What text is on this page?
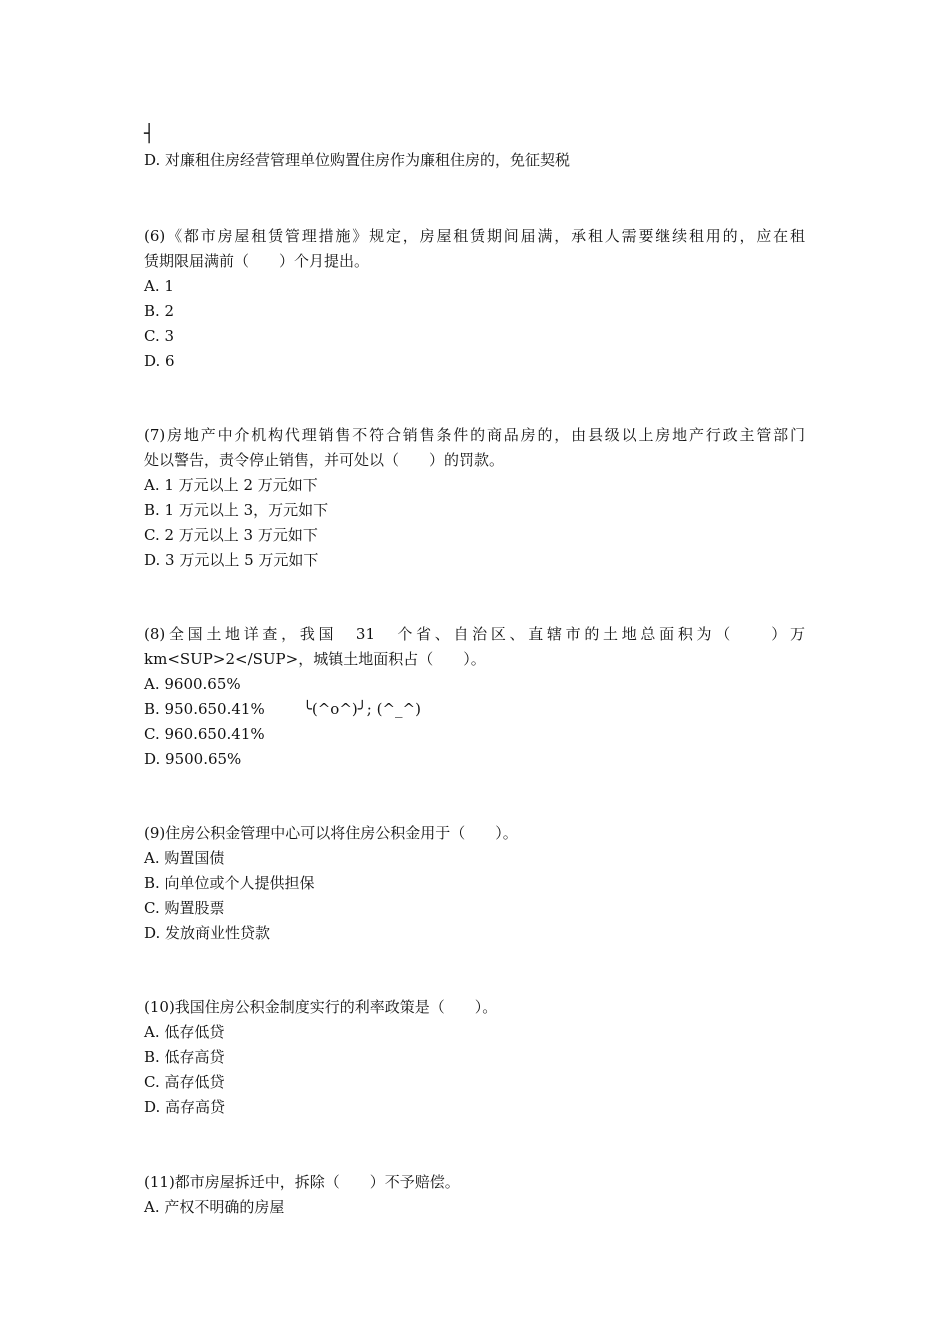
┤
D. 对廉租住房经营管理单位购置住房作为廉租住房的，免征契税
(6)《都市房屋租赁管理措施》规定，房屋租赁期间届满，承租人需要继续租用的，应在租
赁期限届满前（　　）个月提出。
A. 1
B. 2
C. 3
D. 6
(7)房地产中介机构代理销售不符合销售条件的商品房的，由县级以上房地产行政主管部门
处以警告，责令停止销售，并可处以（　　）的罚款。
A. 1 万元以上 2 万元如下
B. 1 万元以上 3，万元如下
C. 2 万元以上 3 万元如下
D. 3 万元以上 5 万元如下
(8)全国土地详查，我国　31　个省、自治区、直辖市的土地总面积为（　　）万
km<SUP>2</SUP>，城镇土地面积占（　　）。
A. 9600.65%
B. 950.650.41%        ╰(^o^)╯; (^_^)
C. 960.650.41%
D. 9500.65%
(9)住房公积金管理中心可以将住房公积金用于（　　）。
A. 购置国债
B. 向单位或个人提供担保
C. 购置股票
D. 发放商业性贷款
(10)我国住房公积金制度实行的利率政策是（　　）。
A. 低存低贷
B. 低存高贷
C. 高存低贷
D. 高存高贷
(11)都市房屋拆迁中，拆除（　　）不予赔偿。
A. 产权不明确的房屋
